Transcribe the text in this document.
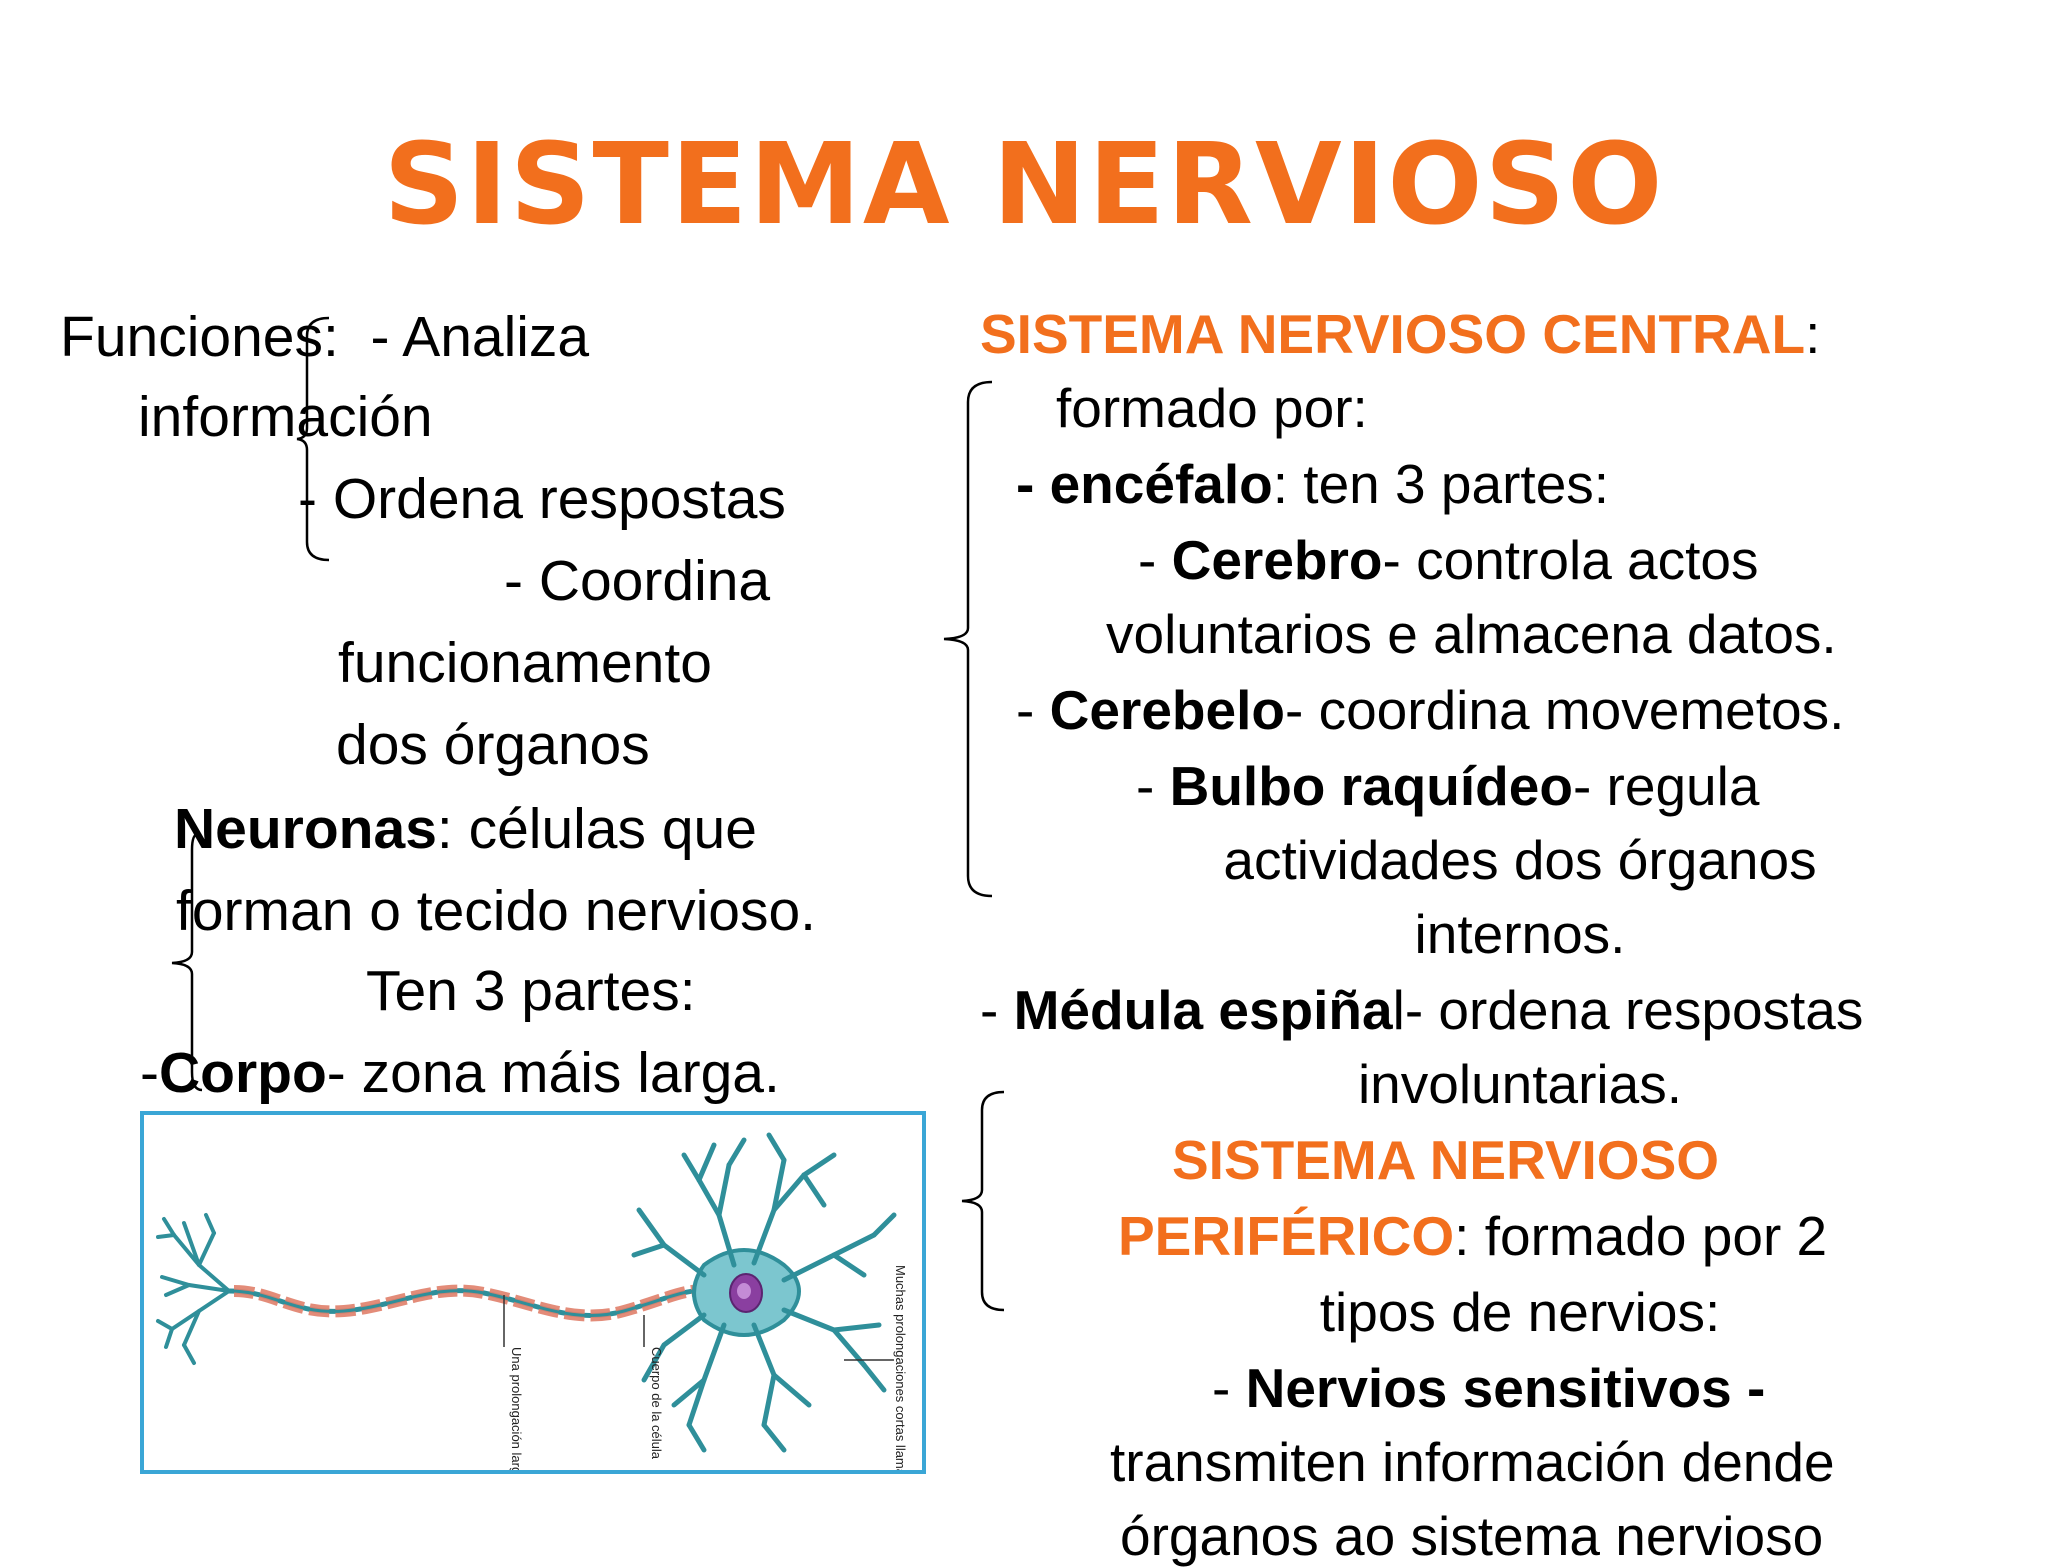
SISTEMA NERVIOSO
Funciones: - Analiza
información
- Ordena respostas
- Coordina
funcionamento
dos órganos
Neuronas: células que
forman o tecido nervioso.
Ten 3 partes:
-Corpo- zona máis larga.
Muchas prolongaciones cortas llamadas dendritas
Cuerpo de la célula
Una prolongación larga llamada axón
SISTEMA NERVIOSO CENTRAL:
formado por:
- encéfalo: ten 3 partes:
- Cerebro- controla actos
voluntarios e almacena datos.
- Cerebelo- coordina movemetos.
- Bulbo raquídeo- regula
actividades dos órganos
internos.
- Médula espiñal- ordena respostas
involuntarias.
SISTEMA NERVIOSO
PERIFÉRICO: formado por 2
tipos de nervios:
- Nervios sensitivos -
transmiten información dende
órganos ao sistema nervioso
